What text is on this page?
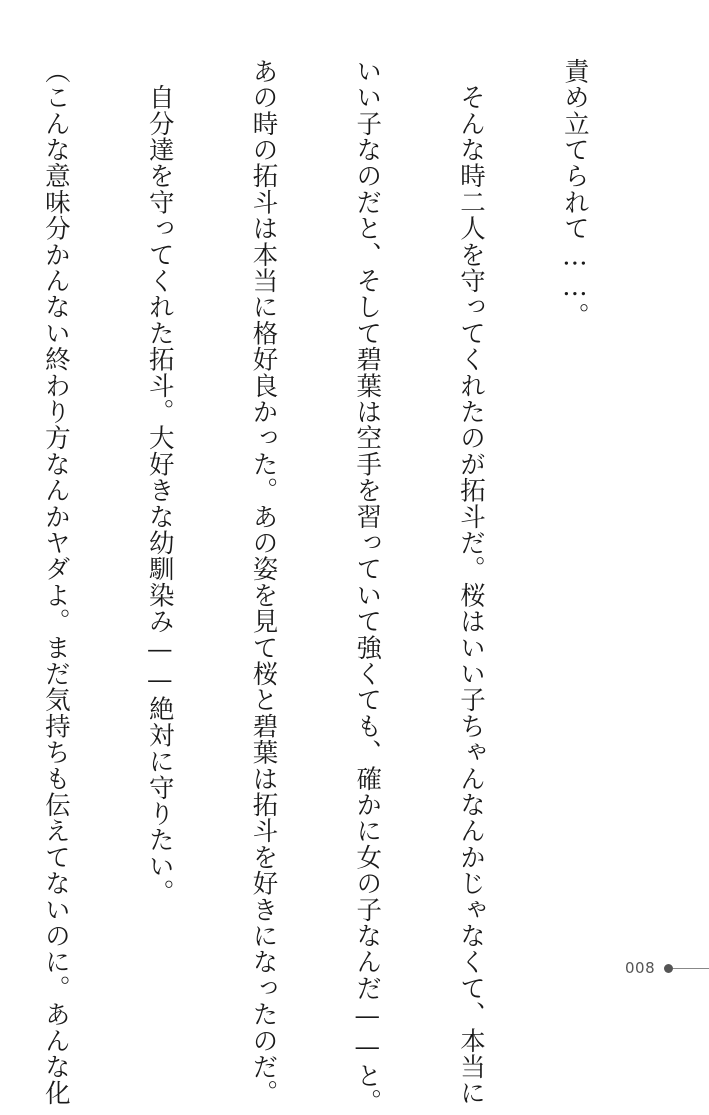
責め立てられて……。

　そんな時二人を守ってくれたのが拓斗だ。桜はいい子ちゃんなんかじゃなくて、本当に

いい子なのだと、そして碧葉は空手を習っていて強くても、確かに女の子なんだ——と。

あの時の拓斗は本当に格好良かった。あの姿を見て桜と碧葉は拓斗を好きになったのだ。

　自分達を守ってくれた拓斗。大好きな幼馴染み——絶対に守りたい。

（こんな意味分かんない終わり方なんかヤダよ。まだ気持ちも伝えてないのに。あんな化

	008
